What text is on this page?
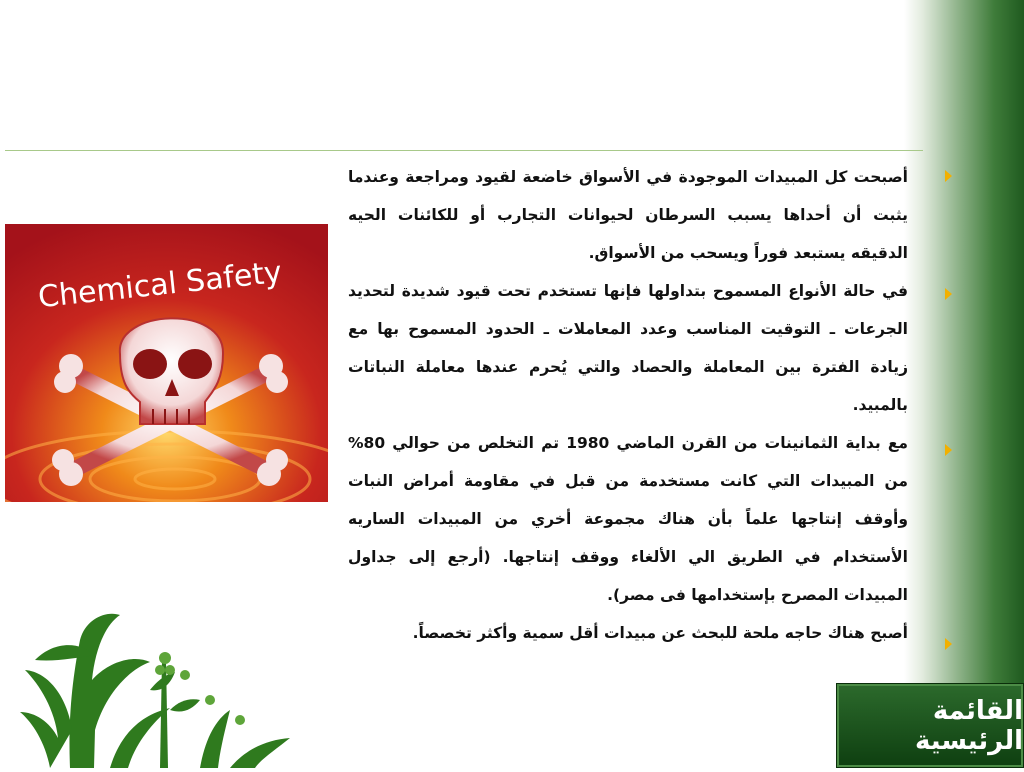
Chemical Safety

أصبحت كل المبيدات الموجودة في الأسواق خاضعة لقيود ومراجعة وعندما يثبت أن أحداها يسبب السرطان لحيوانات التجارب أو للكائنات الحيه الدقيقه يستبعد فوراً ويسحب من الأسواق.

في حالة الأنواع المسموح بتداولها فإنها تستخدم تحت قيود شديدة لتحديد الجرعات ـ التوقيت المناسب وعدد المعاملات ـ الحدود المسموح بها مع زيادة الفترة بين المعاملة والحصاد والتي يُحرم عندها معاملة النباتات بالمبيد.

مع بداية الثمانينات من القرن الماضي 1980 تم التخلص من حوالي 80% من المبيدات التي كانت مستخدمة من قبل في مقاومة أمراض النبات وأوقف إنتاجها علماً بأن هناك مجموعة أخري من المبيدات الساريه الأستخدام في الطريق الي الألغاء ووقف إنتاجها. (أرجع إلى جداول المبيدات المصرح بإستخدامها فى مصر).

أصبح هناك حاجه ملحة للبحث عن مبيدات أقل سمية وأكثر تخصصاً.

القائمة الرئيسية
